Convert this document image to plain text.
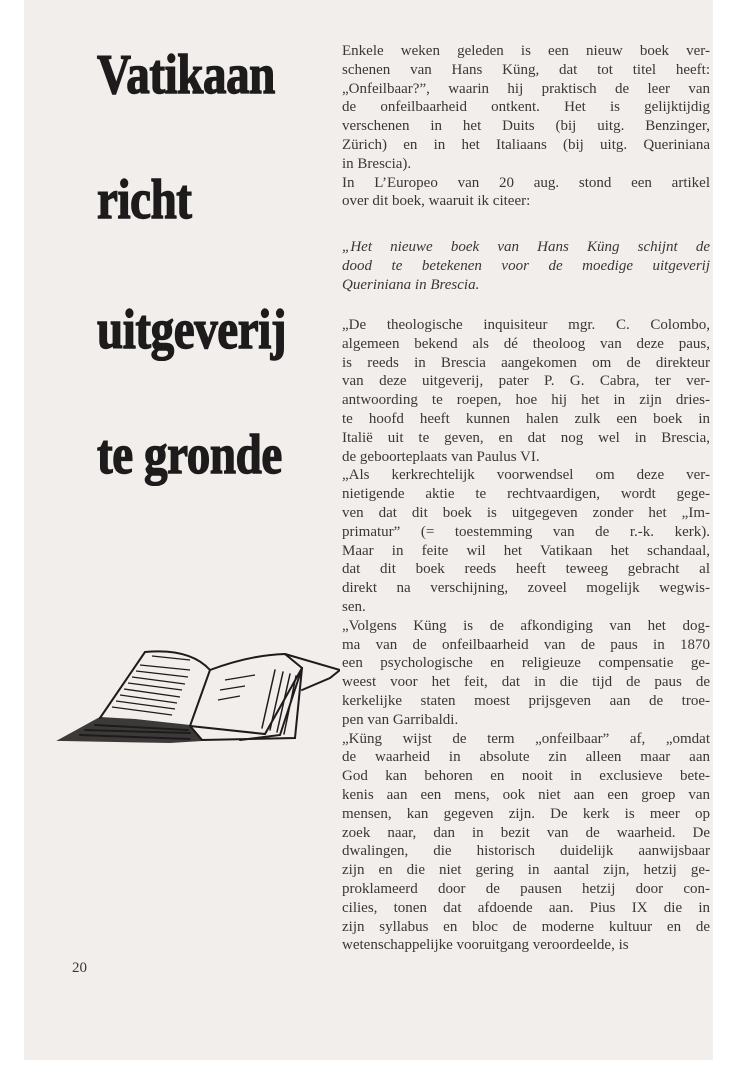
Vatikaan
richt
uitgeverij
te gronde
Enkele weken geleden is een nieuw boek ver-
schenen van Hans Küng, dat tot titel heeft:
„Onfeilbaar?”, waarin hij praktisch de leer van
de onfeilbaarheid ontkent. Het is gelijktijdig
verschenen in het Duits (bij uitg. Benzinger,
Zürich) en in het Italiaans (bij uitg. Queriniana
in Brescia).
In L’Europeo van 20 aug. stond een artikel
over dit boek, waaruit ik citeer:
„Het nieuwe boek van Hans Küng schijnt de
dood te betekenen voor de moedige uitgeverij
Queriniana in Brescia.
„De theologische inquisiteur mgr. C. Colombo,
algemeen bekend als dé theoloog van deze paus,
is reeds in Brescia aangekomen om de direkteur
van deze uitgeverij, pater P. G. Cabra, ter ver-
antwoording te roepen, hoe hij het in zijn dries-
te hoofd heeft kunnen halen zulk een boek in
Italië uit te geven, en dat nog wel in Brescia,
de geboorteplaats van Paulus VI.
„Als kerkrechtelijk voorwendsel om deze ver-
nietigende aktie te rechtvaardigen, wordt gege-
ven dat dit boek is uitgegeven zonder het „Im-
primatur” (= toestemming van de r.-k. kerk).
Maar in feite wil het Vatikaan het schandaal,
dat dit boek reeds heeft teweeg gebracht al
direkt na verschijning, zoveel mogelijk wegwis-
sen.
„Volgens Küng is de afkondiging van het dog-
ma van de onfeilbaarheid van de paus in 1870
een psychologische en religieuze compensatie ge-
weest voor het feit, dat in die tijd de paus de
kerkelijke staten moest prijsgeven aan de troe-
pen van Garribaldi.
„Küng wijst de term „onfeilbaar” af, „omdat
de waarheid in absolute zin alleen maar aan
God kan behoren en nooit in exclusieve bete-
kenis aan een mens, ook niet aan een groep van
mensen, kan gegeven zijn. De kerk is meer op
zoek naar, dan in bezit van de waarheid. De
dwalingen, die historisch duidelijk aanwijsbaar
zijn en die niet gering in aantal zijn, hetzij ge-
proklameerd door de pausen hetzij door con-
cilies, tonen dat afdoende aan. Pius IX die in
zijn syllabus en bloc de moderne kultuur en de
wetenschappelijke vooruitgang veroordeelde, is
20
